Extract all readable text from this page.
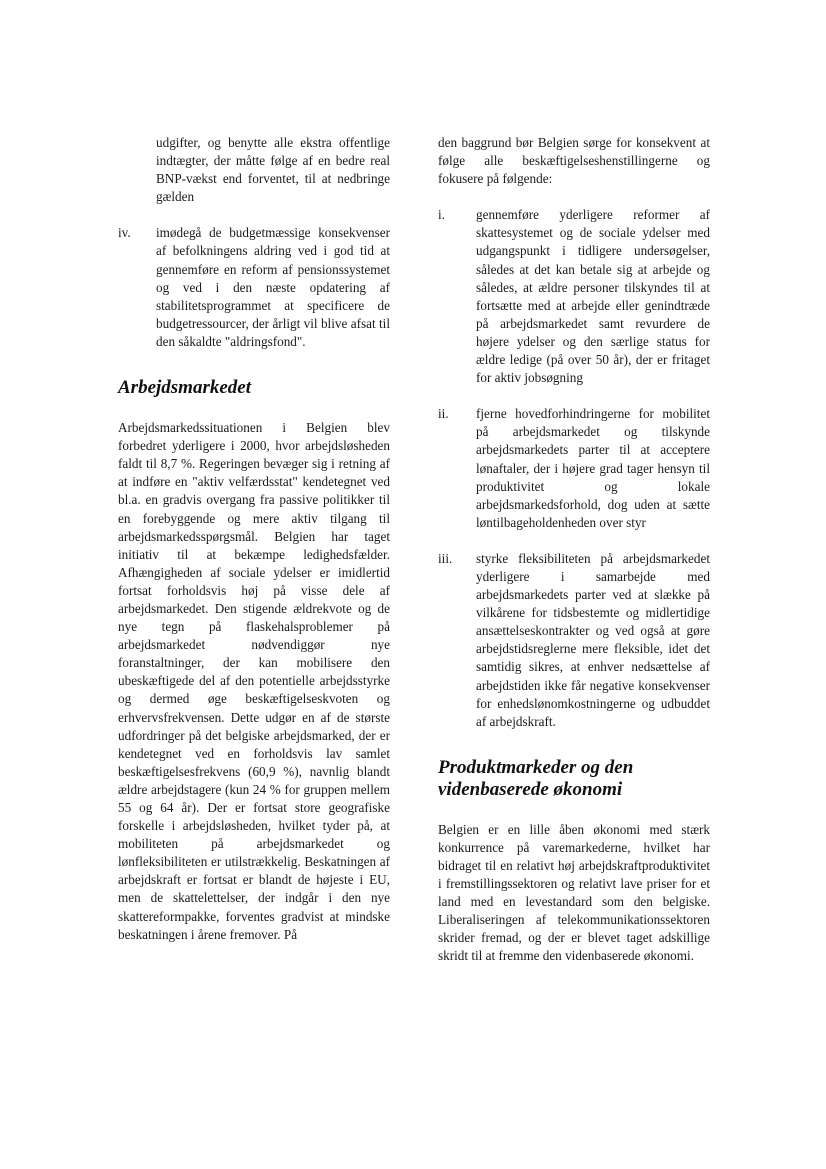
udgifter, og benytte alle ekstra offentlige indtægter, der måtte følge af en bedre real BNP-vækst end forventet, til at nedbringe gælden

iv. imødegå de budgetmæssige konsekvenser af befolkningens aldring ved i god tid at gennemføre en reform af pensionssystemet og ved i den næste opdatering af stabilitetsprogrammet at specificere de budgetressourcer, der årligt vil blive afsat til den såkaldte "aldringsfond".
Arbejdsmarkedet

Arbejdsmarkedssituationen i Belgien blev forbedret yderligere i 2000, hvor arbejdsløsheden faldt til 8,7 %. Regeringen bevæger sig i retning af at indføre en "aktiv velfærdsstat" kendetegnet ved bl.a. en gradvis overgang fra passive politikker til en forebyggende og mere aktiv tilgang til arbejdsmarkedsspørgsmål. Belgien har taget initiativ til at bekæmpe ledighedsfælder. Afhængigheden af sociale ydelser er imidlertid fortsat forholdsvis høj på visse dele af arbejdsmarkedet. Den stigende ældrekvote og de nye tegn på flaskehalsproblemer på arbejdsmarkedet nødvendiggør nye foranstaltninger, der kan mobilisere den ubeskæftigede del af den potentielle arbejdsstyrke og dermed øge beskæftigelseskvoten og erhvervsfrekvensen. Dette udgør en af de største udfordringer på det belgiske arbejdsmarked, der er kendetegnet ved en forholdsvis lav samlet beskæftigelsesfrekvens (60,9 %), navnlig blandt ældre arbejdstagere (kun 24 % for gruppen mellem 55 og 64 år). Der er fortsat store geografiske forskelle i arbejdsløsheden, hvilket tyder på, at mobiliteten på arbejdsmarkedet og lønfleksibiliteten er utilstrækkelig. Beskatningen af arbejdskraft er fortsat er blandt de højeste i EU, men de skattelettelser, der indgår i den nye skattereformpakke, forventes gradvist at mindske beskatningen i årene fremover. På

den baggrund bør Belgien sørge for konsekvent at følge alle beskæftigelseshenstillingerne og fokusere på følgende:

i. gennemføre yderligere reformer af skattesystemet og de sociale ydelser med udgangspunkt i tidligere undersøgelser, således at det kan betale sig at arbejde og således, at ældre personer tilskyndes til at fortsætte med at arbejde eller genindtræde på arbejdsmarkedet samt revurdere de højere ydelser og den særlige status for ældre ledige (på over 50 år), der er fritaget for aktiv jobsøgning
ii. fjerne hovedforhindringerne for mobilitet på arbejdsmarkedet og tilskynde arbejdsmarkedets parter til at acceptere lønaftaler, der i højere grad tager hensyn til produktivitet og lokale arbejdsmarkedsforhold, dog uden at sætte løntilbageholdenheden over styr
iii. styrke fleksibiliteten på arbejdsmarkedet yderligere i samarbejde med arbejdsmarkedets parter ved at slække på vilkårene for tidsbestemte og midlertidige ansættelseskontrakter og ved også at gøre arbejdstidsreglerne mere fleksible, idet det samtidig sikres, at enhver nedsættelse af arbejdstiden ikke får negative konsekvenser for enhedslønomkostningerne og udbuddet af arbejdskraft.
Produktmarkeder og den
videnbaserede økonomi

Belgien er en lille åben økonomi med stærk konkurrence på varemarkederne, hvilket har bidraget til en relativt høj arbejdskraftproduktivitet i fremstillingssektoren og relativt lave priser for et land med en levestandard som den belgiske. Liberaliseringen af telekommunikationssektoren skrider fremad, og der er blevet taget adskillige skridt til at fremme den videnbaserede økonomi.
